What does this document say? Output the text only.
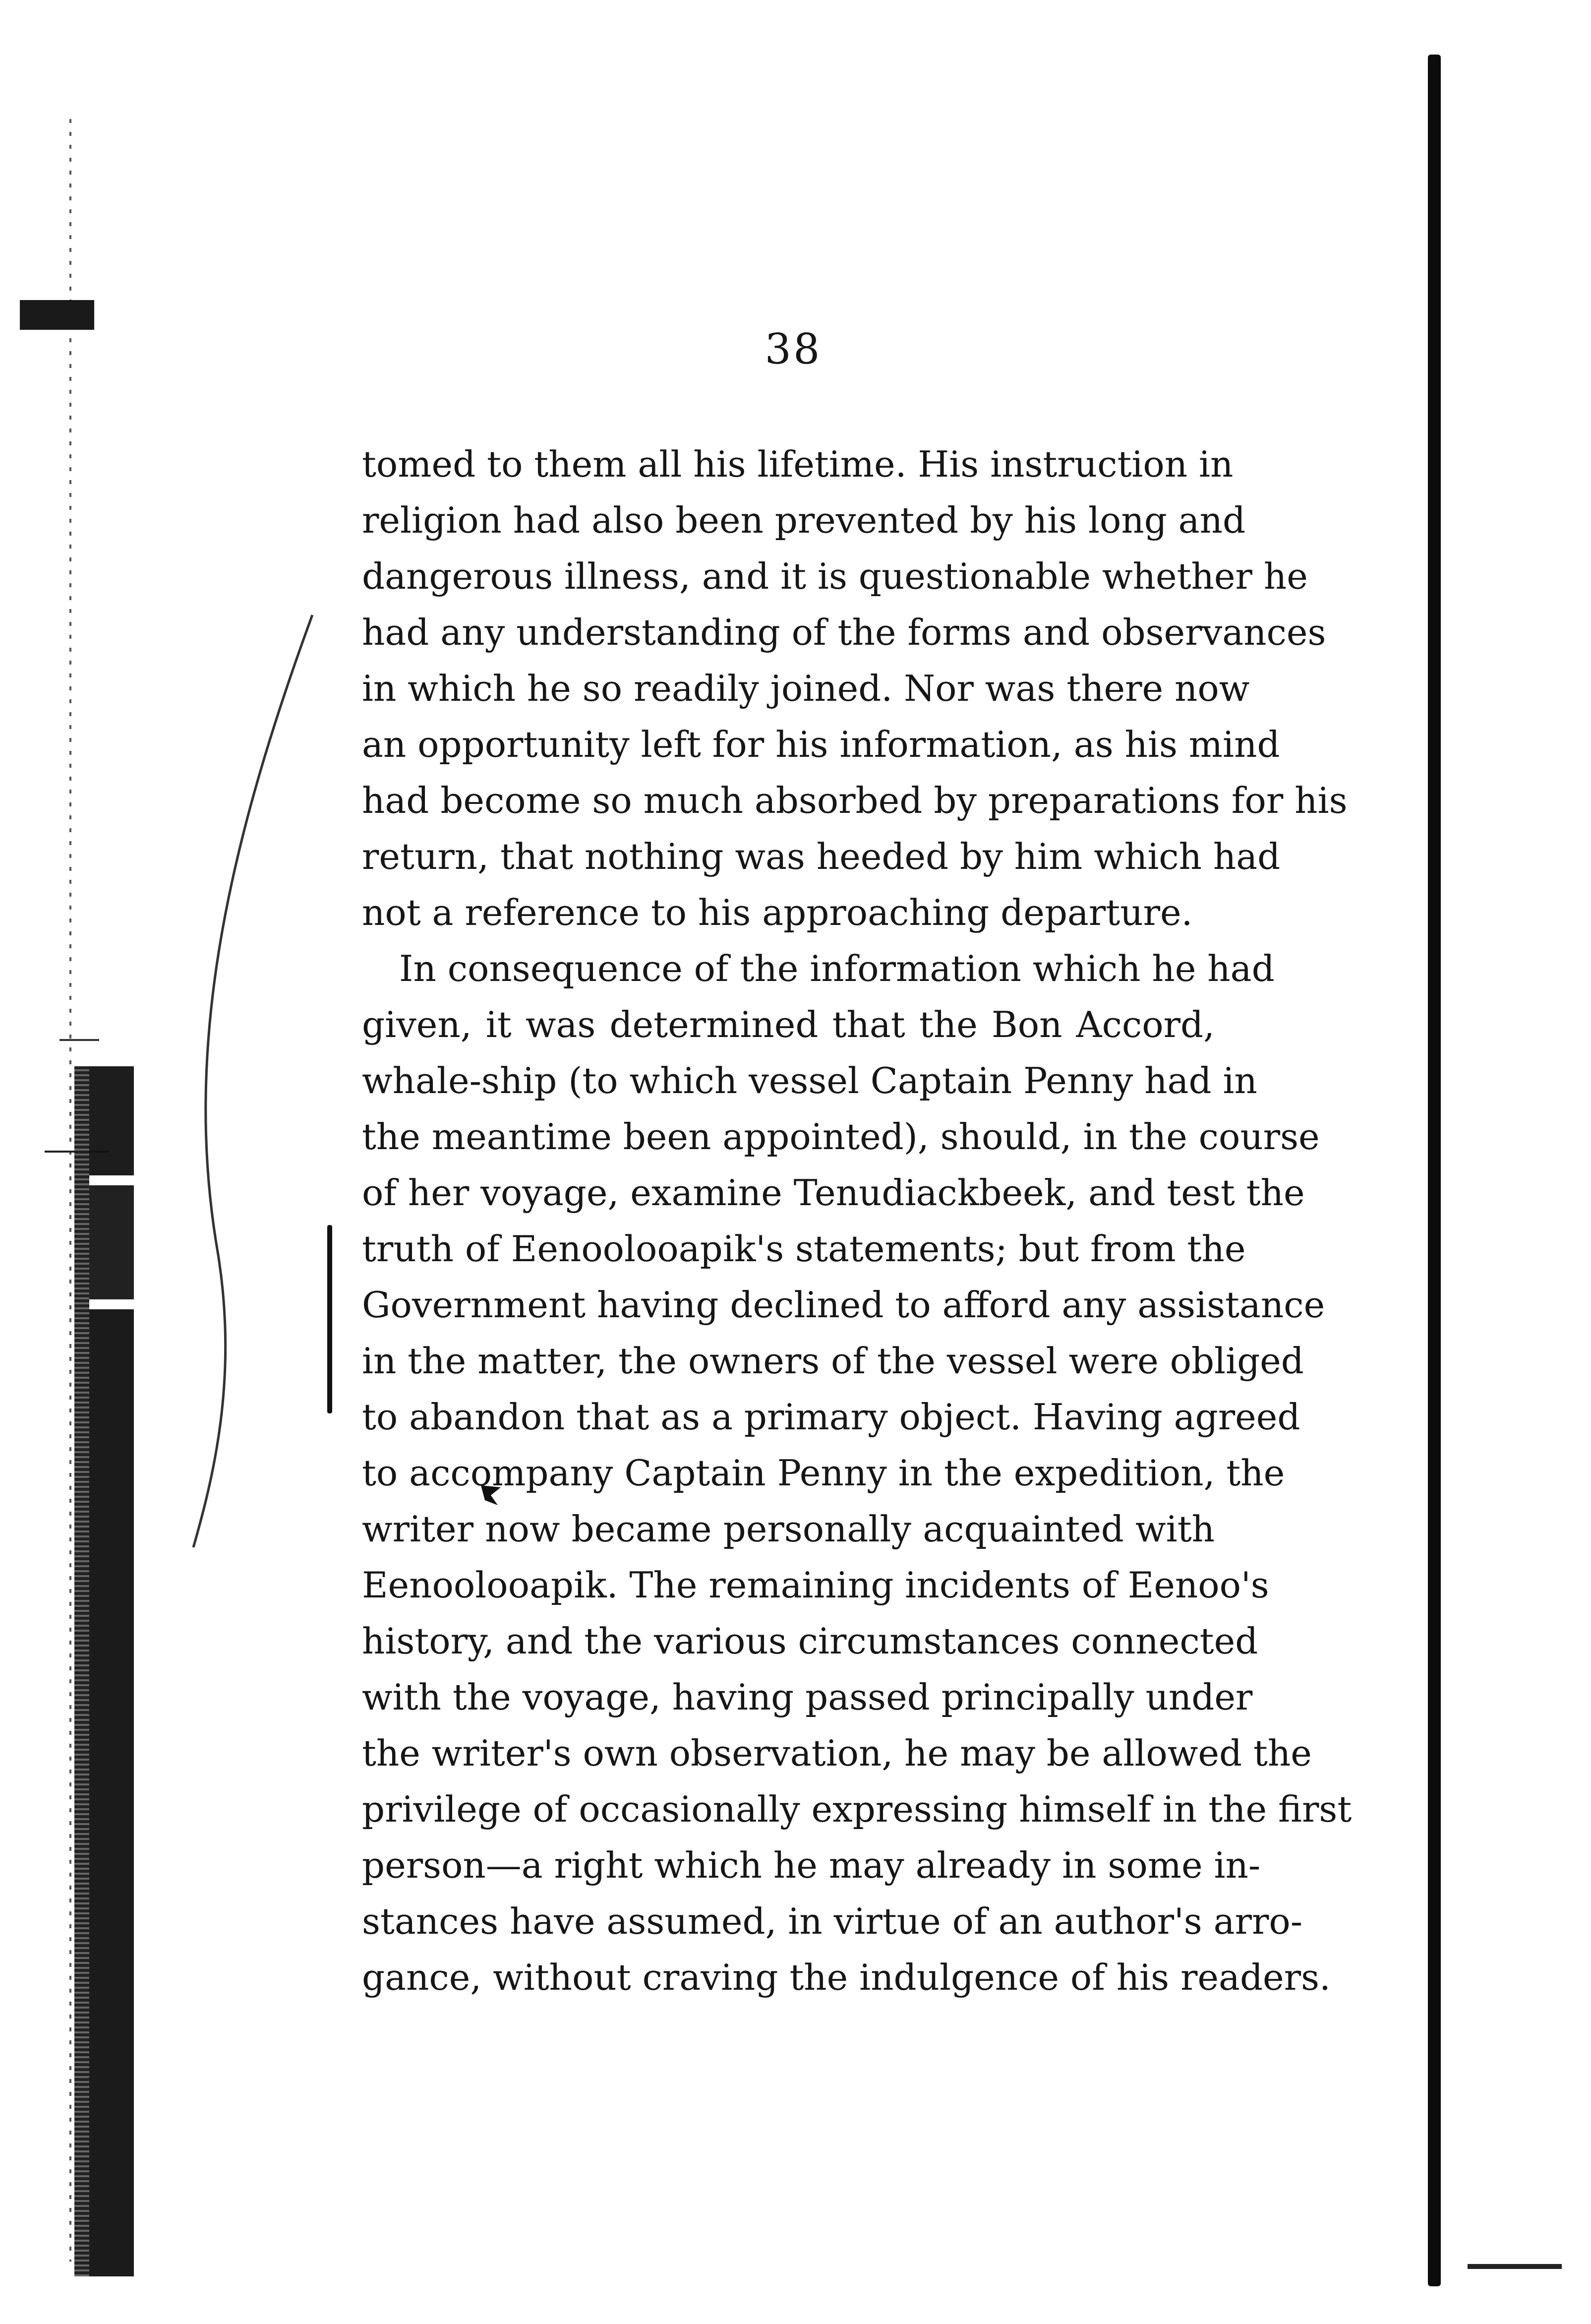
38
tomed to them all his lifetime. His instruction in
religion had also been prevented by his long and
dangerous illness, and it is questionable whether he
had any understanding of the forms and observances
in which he so readily joined. Nor was there now
an opportunity left for his information, as his mind
had become so much absorbed by preparations for his
return, that nothing was heeded by him which had
not a reference to his approaching departure.
In consequence of the information which he had
given, it was determined that the Bon Accord,
whale-ship (to which vessel Captain Penny had in
the meantime been appointed), should, in the course
of her voyage, examine Tenudiackbeek, and test the
truth of Eenoolooapik's statements; but from the
Government having declined to afford any assistance
in the matter, the owners of the vessel were obliged
to abandon that as a primary object. Having agreed
to accompany Captain Penny in the expedition, the
writer now became personally acquainted with
Eenoolooapik. The remaining incidents of Eenoo's
history, and the various circumstances connected
with the voyage, having passed principally under
the writer's own observation, he may be allowed the
privilege of occasionally expressing himself in the first
person—a right which he may already in some in-
stances have assumed, in virtue of an author's arro-
gance, without craving the indulgence of his readers.
